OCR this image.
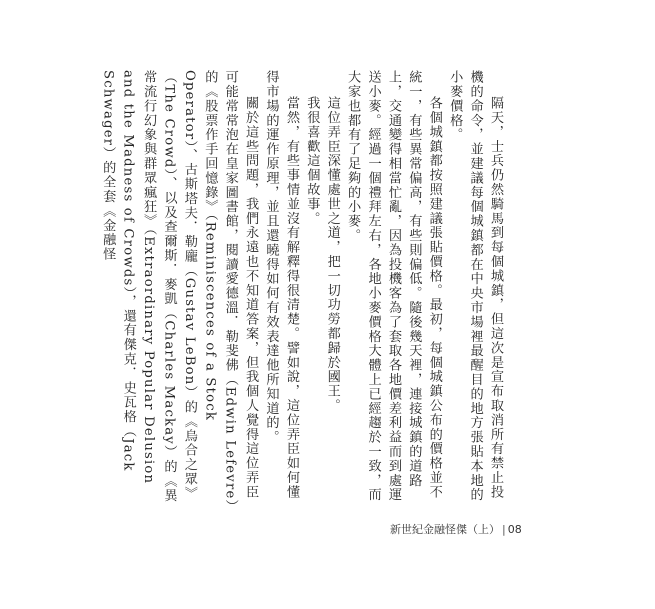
隔天，士兵仍然騎馬到每個城鎮，但這次是宣布取消所有禁止投機的命令，並建議每個城鎮都在中央市場裡最醒目的地方張貼本地的小麥價格。

各個城鎮都按照建議張貼價格。最初，每個城鎮公布的價格並不統一，有些異常偏高，有些則偏低。隨後幾天裡，連接城鎮的道路上，交通變得相當忙亂，因為投機客為了套取各地價差利益而到處運送小麥。經過一個禮拜左右，各地小麥價格大體上已經趨於一致，而大家也都有了足夠的小麥。

這位弄臣深懂處世之道，把一切功勞都歸於國王。

我很喜歡這個故事。

當然，有些事情並沒有解釋得很清楚。譬如說，這位弄臣如何懂得市場的運作原理，並且還曉得如何有效表達他所知道的。

關於這些問題，我們永遠也不知道答案，但我個人覺得這位弄臣可能常常泡在皇家圖書館，閱讀愛德溫．勒斐佛（Edwin Lefevre）的《股票作手回憶錄》（Reminiscences of a Stock Operator）、古斯塔夫．勒龐（Gustav LeBon）的《烏合之眾》（The Crowd）、以及查爾斯．麥凱（Charles Mackay）的《異常流行幻象與群眾瘋狂》（Extraordinary Popular Delusion and the Madness of Crowds），還有傑克．史瓦格（Jack Schwager）的全套《金融怪

新世紀金融怪傑（上） | 08
